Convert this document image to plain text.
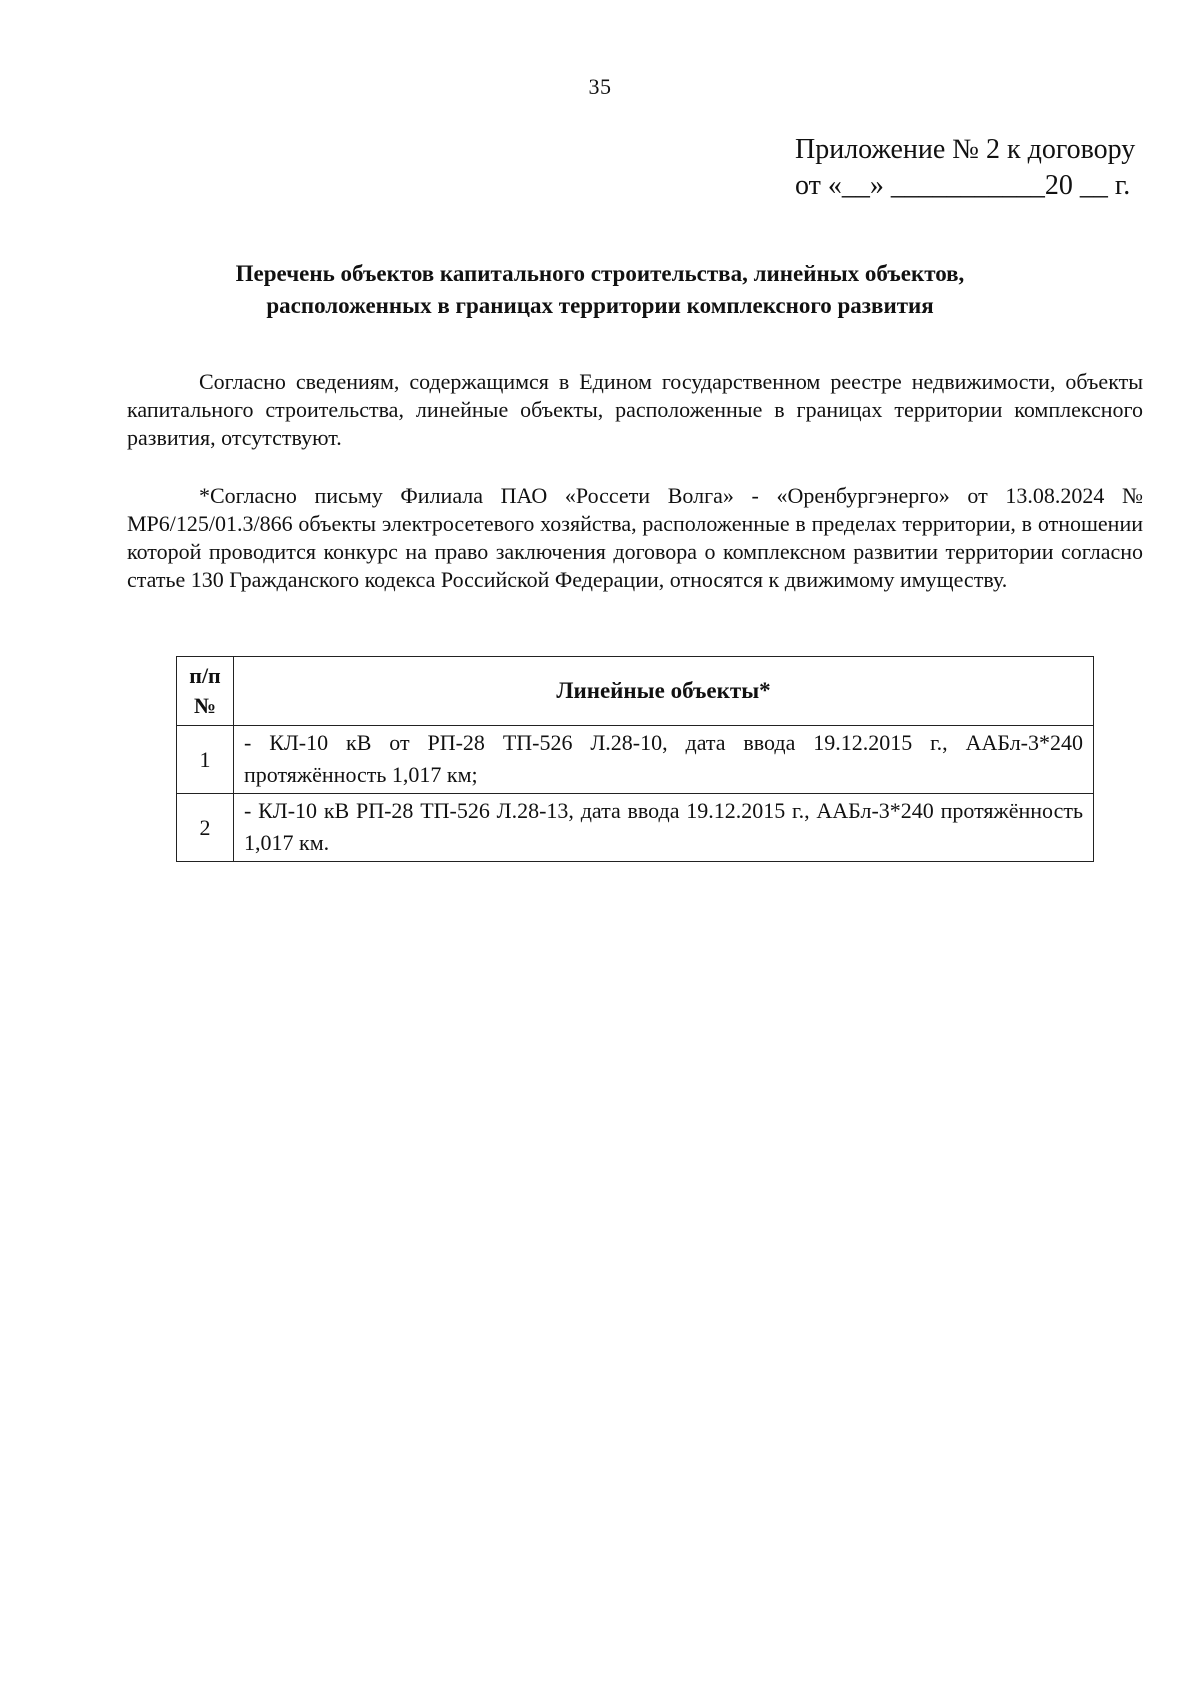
35
Приложение № 2 к договору
от «__» ___________20 __ г.
Перечень объектов капитального строительства, линейных объектов,
расположенных в границах территории комплексного развития

Согласно сведениям, содержащимся в Едином государственном реестре недвижимости, объекты капитального строительства, линейные объекты, расположенные в границах территории комплексного развития, отсутствуют.

*Согласно письму Филиала ПАО «Россети Волга» - «Оренбургэнерго» от 13.08.2024 № МР6/125/01.3/866 объекты электросетевого хозяйства, расположенные в пределах территории, в отношении которой проводится конкурс на право заключения договора о комплексном развитии территории согласно статье 130 Гражданского кодекса Российской Федерации, относятся к движимому имуществу.

п/п
№	Линейные объекты*
1	- КЛ-10 кВ от РП-28 ТП-526 Л.28-10, дата ввода 19.12.2015 г., ААБл-3*240 протяжённость 1,017 км;
2	- КЛ-10 кВ РП-28 ТП-526 Л.28-13, дата ввода 19.12.2015 г., ААБл-3*240 протяжённость 1,017 км.
